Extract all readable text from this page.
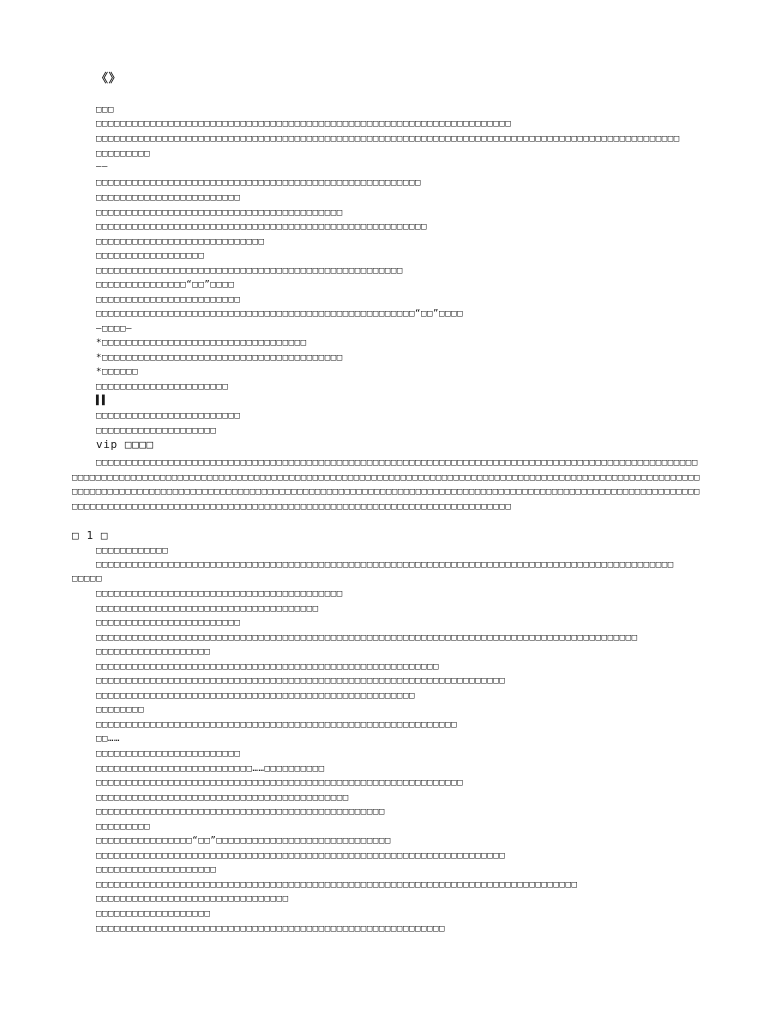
《》
□□□
□□□□□□□□□□□□□□□□□□□□□□□□□□□□□□□□□□□□□□□□□□□□□□□□□□□□□□□□□□□□□□□□□□□□□
□□□□□□□□□□□□□□□□□□□□□□□□□□□□□□□□□□□□□□□□□□□□□□□□□□□□□□□□□□□□□□□□□□□□□□□□□□□□□□□□□□□□□□□□□□□□□□□□□
□□□□□□□□□
——
□□□□□□□□□□□□□□□□□□□□□□□□□□□□□□□□□□□□□□□□□□□□□□□□□□□□□□
□□□□□□□□□□□□□□□□□□□□□□□□
□□□□□□□□□□□□□□□□□□□□□□□□□□□□□□□□□□□□□□□□□
□□□□□□□□□□□□□□□□□□□□□□□□□□□□□□□□□□□□□□□□□□□□□□□□□□□□□□□
□□□□□□□□□□□□□□□□□□□□□□□□□□□□
□□□□□□□□□□□□□□□□□□
□□□□□□□□□□□□□□□□□□□□□□□□□□□□□□□□□□□□□□□□□□□□□□□□□□□
□□□□□□□□□□□□□□□“□□”□□□□
□□□□□□□□□□□□□□□□□□□□□□□□
□□□□□□□□□□□□□□□□□□□□□□□□□□□□□□□□□□□□□□□□□□□□□□□□□□□□□“□□”□□□□
—□□□□—
*□□□□□□□□□□□□□□□□□□□□□□□□□□□□□□□□□□
*□□□□□□□□□□□□□□□□□□□□□□□□□□□□□□□□□□□□□□□□
*□□□□□□
□□□□□□□□□□□□□□□□□□□□□□
▌▌
□□□□□□□□□□□□□□□□□□□□□□□□
□□□□□□□□□□□□□□□□□□□□
vip □□□□
□□□□□□□□□□□□□□□□□□□□□□□□□□□□□□□□□□□□□□□□□□□□□□□□□□□□□□□□□□□□□□□□□□□□□□□□□□□□□□□□□□□□□□□□□□□□□□□□□□□□
□□□□□□□□□□□□□□□□□□□□□□□□□□□□□□□□□□□□□□□□□□□□□□□□□□□□□□□□□□□□□□□□□□□□□□□□□□□□□□□□□□□□□□□□□□□□□□□□□□□□□□□□□□□
□□□□□□□□□□□□□□□□□□□□□□□□□□□□□□□□□□□□□□□□□□□□□□□□□□□□□□□□□□□□□□□□□□□□□□□□□□□□□□□□□□□□□□□□□□□□□□□□□□□□□□□□□□
□□□□□□□□□□□□□□□□□□□□□□□□□□□□□□□□□□□□□□□□□□□□□□□□□□□□□□□□□□□□□□□□□□□□□□□□□
□ 1 □
□□□□□□□□□□□□
□□□□□□□□□□□□□□□□□□□□□□□□□□□□□□□□□□□□□□□□□□□□□□□□□□□□□□□□□□□□□□□□□□□□□□□□□□□□□□□□□□□□□□□□□□□□□□□□
□□□□□
□□□□□□□□□□□□□□□□□□□□□□□□□□□□□□□□□□□□□□□□□
□□□□□□□□□□□□□□□□□□□□□□□□□□□□□□□□□□□□□
□□□□□□□□□□□□□□□□□□□□□□□□
□□□□□□□□□□□□□□□□□□□□□□□□□□□□□□□□□□□□□□□□□□□□□□□□□□□□□□□□□□□□□□□□□□□□□□□□□□□□□□□□□□□□□□□□□□
□□□□□□□□□□□□□□□□□□□
□□□□□□□□□□□□□□□□□□□□□□□□□□□□□□□□□□□□□□□□□□□□□□□□□□□□□□□□□
□□□□□□□□□□□□□□□□□□□□□□□□□□□□□□□□□□□□□□□□□□□□□□□□□□□□□□□□□□□□□□□□□□□□
□□□□□□□□□□□□□□□□□□□□□□□□□□□□□□□□□□□□□□□□□□□□□□□□□□□□□
□□□□□□□□
□□□□□□□□□□□□□□□□□□□□□□□□□□□□□□□□□□□□□□□□□□□□□□□□□□□□□□□□□□□□
□□……
□□□□□□□□□□□□□□□□□□□□□□□□
□□□□□□□□□□□□□□□□□□□□□□□□□□……□□□□□□□□□□
□□□□□□□□□□□□□□□□□□□□□□□□□□□□□□□□□□□□□□□□□□□□□□□□□□□□□□□□□□□□□
□□□□□□□□□□□□□□□□□□□□□□□□□□□□□□□□□□□□□□□□□□
□□□□□□□□□□□□□□□□□□□□□□□□□□□□□□□□□□□□□□□□□□□□□□□□
□□□□□□□□□
□□□□□□□□□□□□□□□□“□□”□□□□□□□□□□□□□□□□□□□□□□□□□□□□□
□□□□□□□□□□□□□□□□□□□□□□□□□□□□□□□□□□□□□□□□□□□□□□□□□□□□□□□□□□□□□□□□□□□□
□□□□□□□□□□□□□□□□□□□□
□□□□□□□□□□□□□□□□□□□□□□□□□□□□□□□□□□□□□□□□□□□□□□□□□□□□□□□□□□□□□□□□□□□□□□□□□□□□□□□□
□□□□□□□□□□□□□□□□□□□□□□□□□□□□□□□□
□□□□□□□□□□□□□□□□□□□
□□□□□□□□□□□□□□□□□□□□□□□□□□□□□□□□□□□□□□□□□□□□□□□□□□□□□□□□□□
